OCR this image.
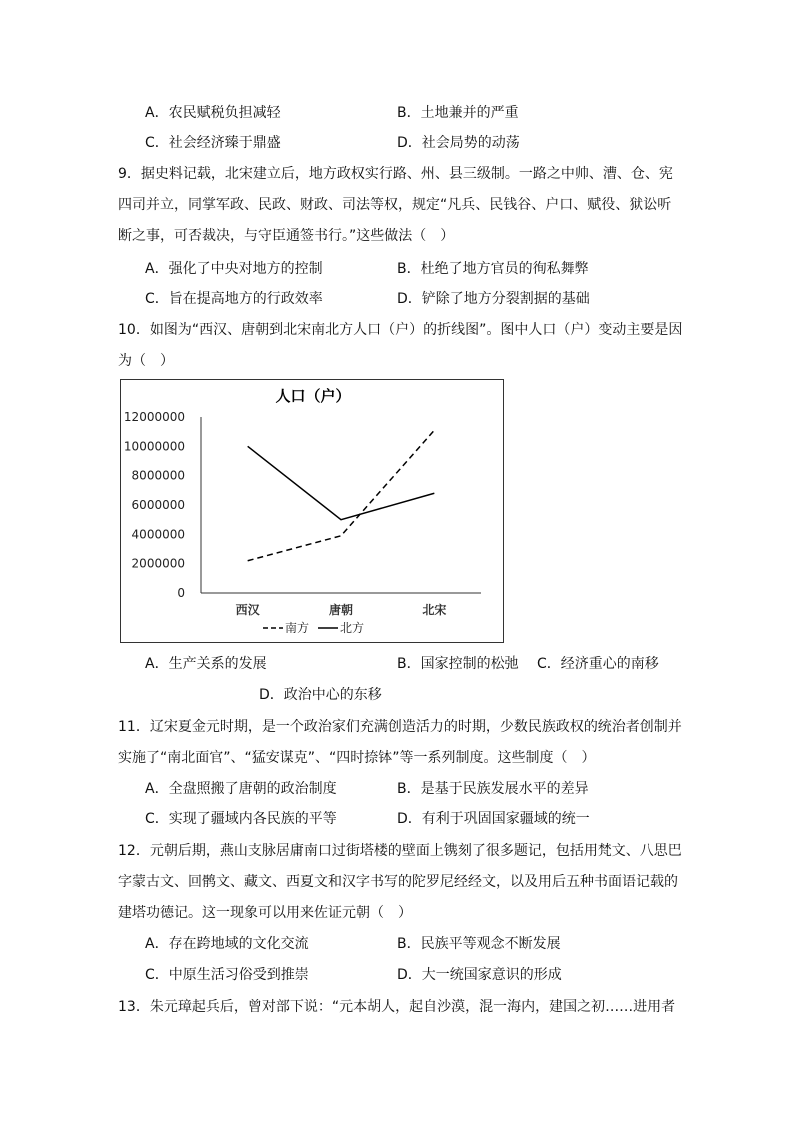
A．农民赋税负担减轻	B．土地兼并的严重
C．社会经济臻于鼎盛	D．社会局势的动荡
9．据史料记载，北宋建立后，地方政权实行路、州、县三级制。一路之中帅、漕、仓、宪
四司并立，同掌军政、民政、财政、司法等权，规定“凡兵、民钱谷、户口、赋役、狱讼听
断之事，可否裁决，与守臣通签书行。”这些做法（　）
A．强化了中央对地方的控制	B．杜绝了地方官员的徇私舞弊
C．旨在提高地方的行政效率	D．铲除了地方分裂割据的基础
10．如图为“西汉、唐朝到北宋南北方人口（户）的折线图”。图中人口（户）变动主要是因
为（　）
人口（户）
0
2000000
4000000
6000000
8000000
10000000
12000000
西汉	唐朝	北宋
南方	北方
A．生产关系的发展	B．国家控制的松弛 C．经济重心的南移
D．政治中心的东移
11．辽宋夏金元时期，是一个政治家们充满创造活力的时期，少数民族政权的统治者创制并
实施了“南北面官”、“猛安谋克”、“四时捺钵”等一系列制度。这些制度（　）
A．全盘照搬了唐朝的政治制度	B．是基于民族发展水平的差异
C．实现了疆域内各民族的平等	D．有利于巩固国家疆域的统一
12．元朝后期，燕山支脉居庸南口过街塔楼的壁面上镌刻了很多题记，包括用梵文、八思巴
字蒙古文、回鹘文、藏文、西夏文和汉字书写的陀罗尼经经文，以及用后五种书面语记载的
建塔功德记。这一现象可以用来佐证元朝（　）
A．存在跨地域的文化交流	B．民族平等观念不断发展
C．中原生活习俗受到推崇	D．大一统国家意识的形成
13．朱元璋起兵后，曾对部下说：“元本胡人，起自沙漠，混一海内，建国之初……进用者
